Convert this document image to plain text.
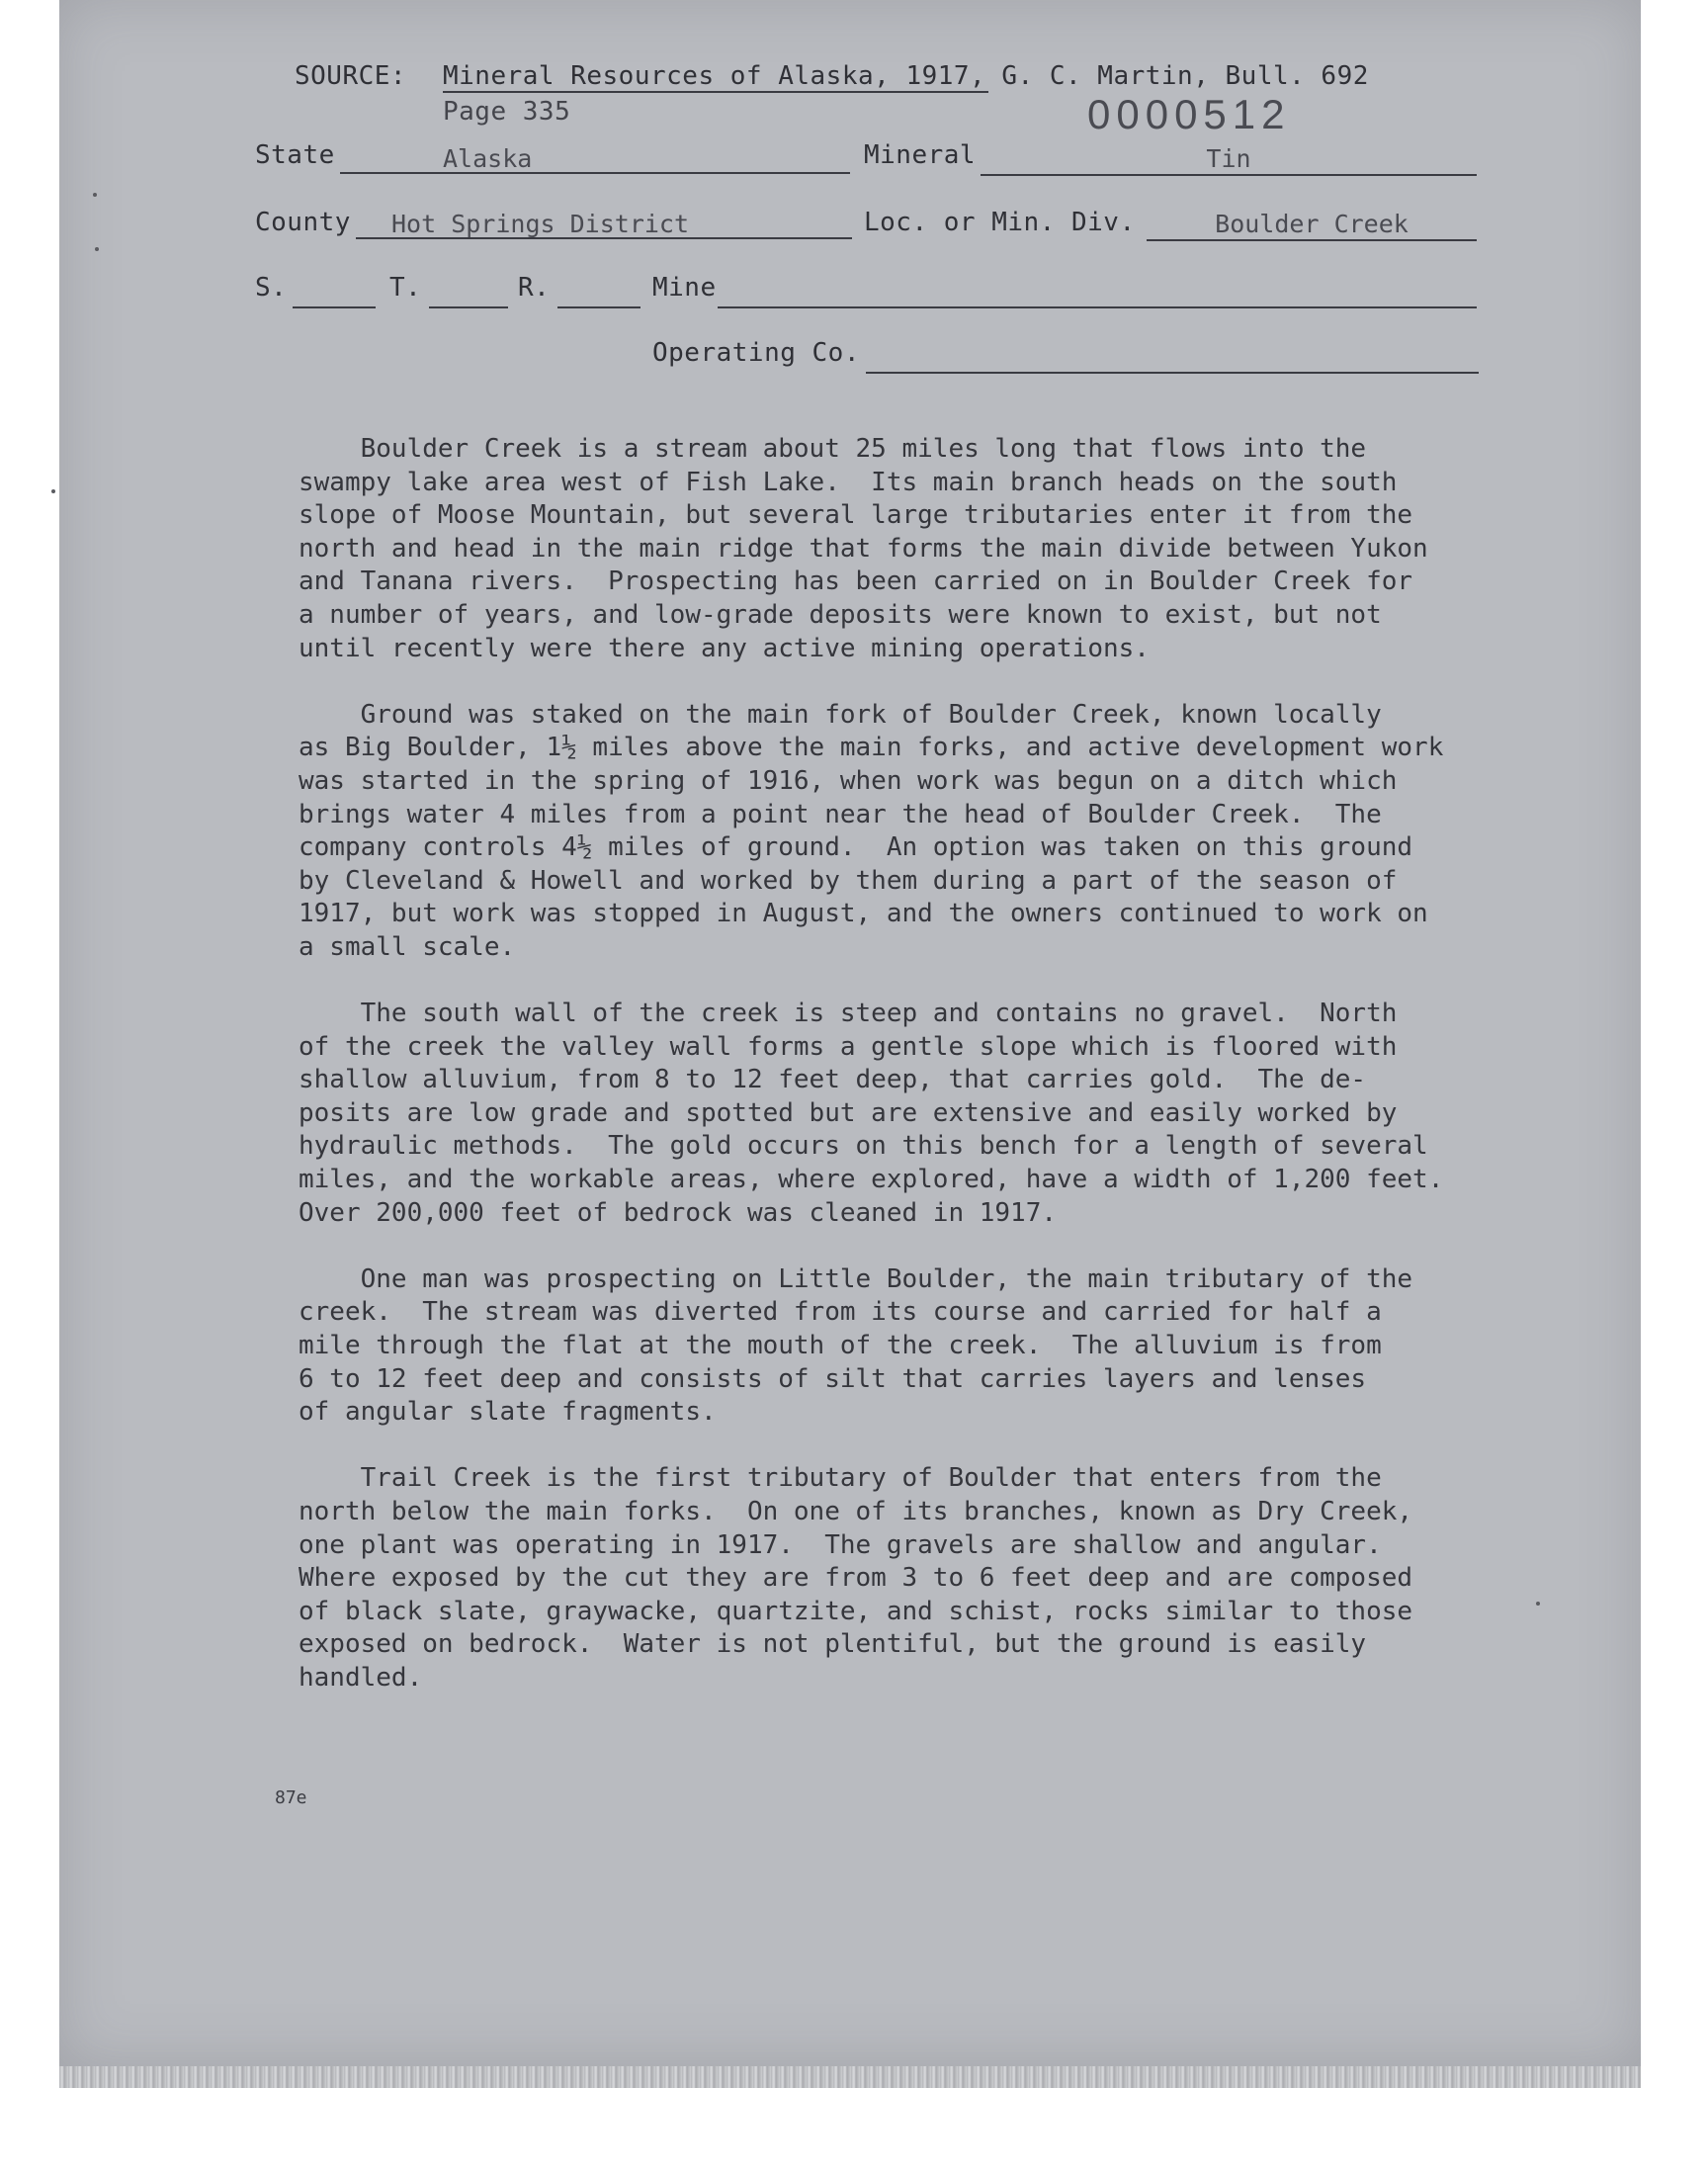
SOURCE: Mineral Resources of Alaska, 1917, G. C. Martin, Bull. 692
Page 335	0000512
State	Alaska	Mineral	Tin
County	Hot Springs District	Loc. or Min. Div.	Boulder Creek
S.	T.	R.	Mine
Operating Co.

Boulder Creek is a stream about 25 miles long that flows into the
swampy lake area west of Fish Lake.  Its main branch heads on the south
slope of Moose Mountain, but several large tributaries enter it from the
north and head in the main ridge that forms the main divide between Yukon
and Tanana rivers.  Prospecting has been carried on in Boulder Creek for
a number of years, and low-grade deposits were known to exist, but not
until recently were there any active mining operations.

Ground was staked on the main fork of Boulder Creek, known locally
as Big Boulder, 1½ miles above the main forks, and active development work
was started in the spring of 1916, when work was begun on a ditch which
brings water 4 miles from a point near the head of Boulder Creek.  The
company controls 4½ miles of ground.  An option was taken on this ground
by Cleveland & Howell and worked by them during a part of the season of
1917, but work was stopped in August, and the owners continued to work on
a small scale.

The south wall of the creek is steep and contains no gravel.  North
of the creek the valley wall forms a gentle slope which is floored with
shallow alluvium, from 8 to 12 feet deep, that carries gold.  The de-
posits are low grade and spotted but are extensive and easily worked by
hydraulic methods.  The gold occurs on this bench for a length of several
miles, and the workable areas, where explored, have a width of 1,200 feet.
Over 200,000 feet of bedrock was cleaned in 1917.

One man was prospecting on Little Boulder, the main tributary of the
creek.  The stream was diverted from its course and carried for half a
mile through the flat at the mouth of the creek.  The alluvium is from
6 to 12 feet deep and consists of silt that carries layers and lenses
of angular slate fragments.

Trail Creek is the first tributary of Boulder that enters from the
north below the main forks.  On one of its branches, known as Dry Creek,
one plant was operating in 1917.  The gravels are shallow and angular.
Where exposed by the cut they are from 3 to 6 feet deep and are composed
of black slate, graywacke, quartzite, and schist, rocks similar to those
exposed on bedrock.  Water is not plentiful, but the ground is easily
handled.

87e
